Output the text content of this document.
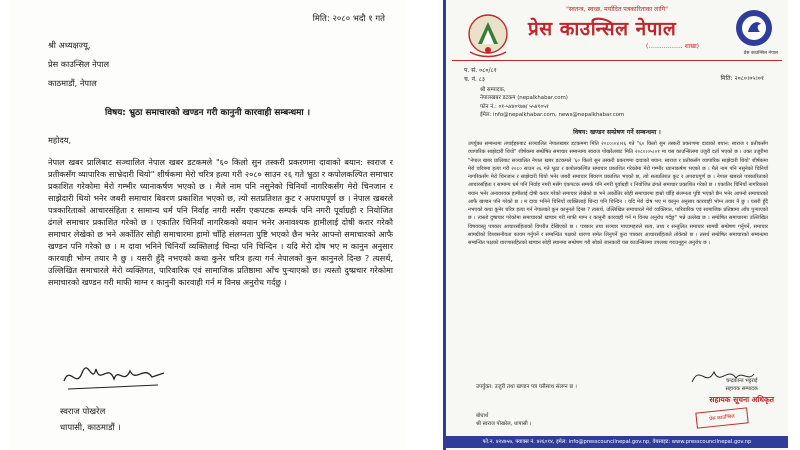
मिति: २०८० भदौ १ गते
श्री अध्यक्षज्यू,
प्रेस काउन्सिल नेपाल
काठमाडौं, नेपाल
विषय: भ्रुठा समाचारको खण्डन गरी कानुनी कारवाही सम्बन्धमा ।
महोदय,
नेपाल खबर प्रालिबाट सञ्चालित नेपाल खबर डटकमले "६० किलो सुन तस्करी प्रकरणमा दावाको बयान: स्वराज र प्रतीकसँग व्यापारिक साभ्रेदारी थियो" शीर्षकमा मेरो चरित्र हत्या गरी २०८० साउन २६ गते भ्रुठा र कपोलकल्पित समाचार प्रकाशित गरेकोमा मेरो गम्भीर ध्यानाकर्षण भएको छ । मैले नाम पनि नसुनेको चिनियाँ नागरिकसँग मेरो चिनजान र साझेदारी थियो भनेर जबरी समाचार बिवरण प्रकाशित भएको छ, त्यो सतप्रतिशत कुट र अपराधपूर्ण छ । नेपाल खबरले पत्रकारिताको आचारसंहिता र सामान्य धर्म पनि निर्वाह नगरी मसँग एकपटक सम्पर्क पनि नगरी पूर्वाग्रही र नियोजित ढंगले समाचार प्रकाशित गरेको छ । एकातिर चिनियाँ नागरिकको बयान भनेर अनावश्यक हामीलाई दोषी करार गरेकौ समाचार लेखेको छ भने अर्कोतिर सोही समाचारमा हामो चाँहि संलग्नता पुष्टि भएको छैन भनेर आफ्नो समाचारको आफै खण्डन पनि गरेको छ । म दावा भनिने चिनियाँ व्यक्तिलाई चिन्दा पनि चिन्दिन । यदि मेरो दोष भए म कानुन अनुसार कारवाही भोग्न तयार नै छु । यसरी हुँदै नभएको कथा कुनेर चरित्र हत्या गर्न नेपालको कुन कानुनले दिन्छ ? त्यसर्थ, उल्लिखित समाचारले मेरो व्यक्तिगत, पारिवारिक एवं सामाजिक प्रतिष्ठामा आँच पुर्‍याएको छ। त्यस्तो दुष्प्रचार गरेकोमा समाचारको खण्डन गरी माफी माग्न र कानुनी कारवाही गर्न म विनम्र अनुरोध गर्दछु ।
स्वराज पोखरेल
धापासी, काठमाडौं ।
"स्वतन्त्र, स्वच्छ, मर्यादित पत्रकारिताका लागि"
प्रेस काउन्सिल नेपाल
(.................. शाखा)
प्रेस काउन्सिल नेपाल
प. सं. ०८०/८१
च. नं. ८३	मिति: २०८०।०५।०१
श्री सम्पादक,
नेपालखबर डटकम (nepalkhabar.com)
फोन नं.: ०१-५४४०९७७/ ५५४१०५१
ईमेल: info@nepalkhabar.com, news@nepalkhabar.com
विषय: खण्डन सम्प्रेषण गर्ने सम्बन्धमा ।
उपर्युक्त सम्बन्धमा तपाईंहरुबाट सञ्चालित नेपालखबर डटकममा मिति २०८०।०४।२६ गते "६० किलो सुन तस्करी प्रकरणमा दावाको बयान: स्वराज र प्रतीकसँग व्यापारिक साझेदारी थियो" शीर्षकमा सम्प्रेषित समाचार सम्बन्धमा स्वराज पोखरेलबाट मिति २०८०।०५।०१ मा यस काउन्सिलमा उजुरी दर्ता भएको छ । उक्त उजुरीमा "नेपाल खबर प्रालिबाट सञ्चालित नेपाल खबर डटकमले '६० किलो सुन तस्करी प्रकरणमा दावाको बयान: स्वराज र प्रतीकसँग व्यापारिक साझेदारी थियो' शीर्षकमा मेरो चरित्रमा हत्या गरी २०८० साउन २६ गते भ्रुठा र कपोलकल्पित समाचार प्रकाशित गरेकोमा मेरो गम्भीर ध्यानाकर्षण भएको छ । मैले नाम पनि नसुनेको चिनियाँ नागरिकसँग मेरो चिनजान र साझेदारी थियो भनेर जबरी समाचार बिवरण प्रकाशित भएको छ, त्यो सतप्रतिशत कुट र अपराधपूर्ण छ । नेपाल खबरले पत्रकारिताको आचारसंहिता र सामान्य धर्म पनि निर्वाह नगरी मसँग एकपटक सम्पर्क पनि नगरी पूर्वाग्रही र नियोजित ढंगले समाचार प्रकाशित गरेको छ । एकातिर चिनियाँ नागरिकको बयान भनेर अनावश्यक हामीलाई दोषी करार गरेको समाचार लेखेको छ भने अर्कोतिर सोही समाचारमा हाम्रो चाँहि संलग्नता पुष्टि भएको छैन भनेर आफ्नो समाचारको आफै खण्डन पनि गरेको छ । म दावा भनिने चिनियाँ व्यक्तिलाई चिन्दा पनि चिन्दिन । यदि मेरो दोष भए म कानुन अनुसार कारवाही भोग्न तयार नै छु । यसरी हुँदै नभएको कथा कुनेर चरित्र हत्या गर्न नेपालको कुन कानुनले दिन्छ ? त्यसर्थ, उल्लिखित समाचारले मेरो व्यक्तिगत, पारिवारिक एवं सामाजिक प्रतिष्ठामा आँच पुर्‍याएको छ । त्यस्तो दुष्प्रचार गरेकोमा समाचारको खण्डन गरी माफी माग्न र कानुनी कारवाही गर्न म विनम्र अनुरोध गर्दछु" भन्ने उल्लेख छ । सम्प्रेषित समाचारमा उल्लिखित विषयवस्तु पत्रकार आचारसंहिताको विपरीत देखिएको छ । पत्रकार तथा सञ्चार माध्यमहरुले सत्य, तथ्य र सन्तुलित समाचार सामग्री सम्प्रेषण गर्नुपर्ने, समाचार सामग्रीको विश्वसनीयता कायम गर्नुपर्ने र सम्बन्धित पक्षको धारणा समेत लिनुपर्ने कुरा पत्रकार आचारसंहिताले तोकेको छ । तसर्थ सम्प्रेषित समाचारको सम्बन्धमा सम्बन्धित पक्षको धारणासहितको खण्डन सोही स्थानमा सम्प्रेषण गरी सोको जानकारी यस काउन्सिलमा उपलब्ध गराउनुहुन अनुरोध छ ।
उपर्युक्त: उजुरी तथा खण्डन पत्र यसैसाथ संलग्न छ ।
बोधार्थ
श्री स्वराज पोखरेल, धापासी ।
चन्द्रकान्त भट्टराई
सहायक सम्पादक
सहायक सूचना अधिकृत
प्रेस काउन्सिल
फो.न. ४२४७५७, फ्याक्स नं. ४२६०१४, इमेल: info@presscouncilnepal.gov.np, वेबसाइट: www.presscouncilnepal.gov.np
